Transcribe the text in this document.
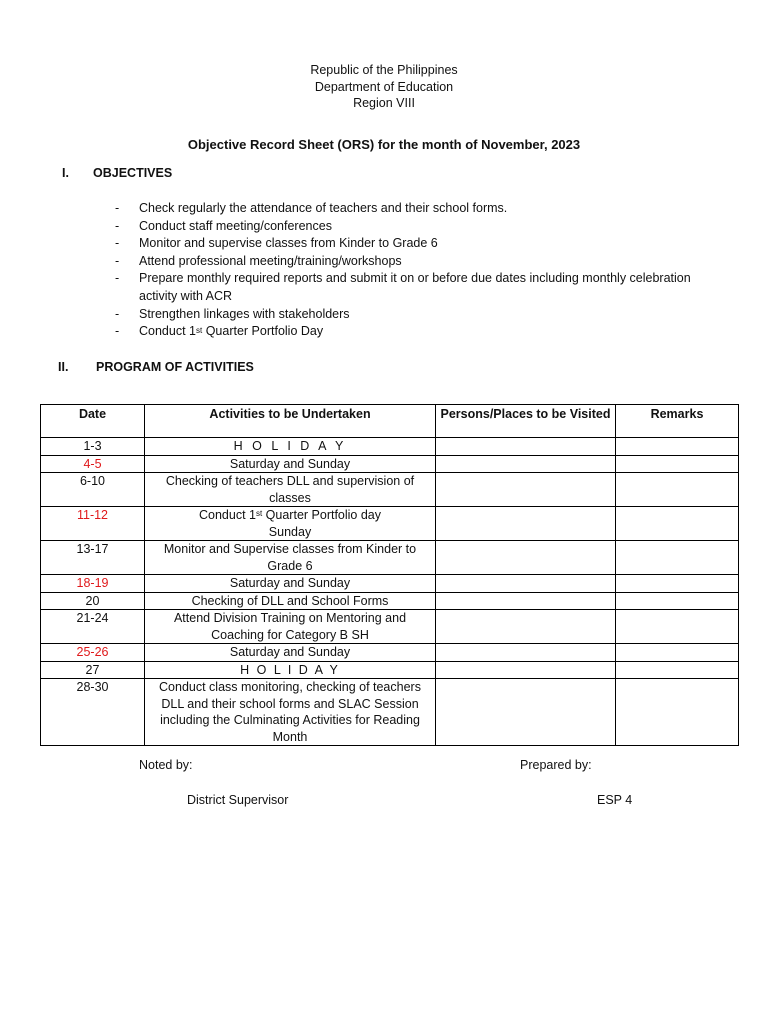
Republic of the Philippines
Department of Education
Region VIII
Objective Record Sheet (ORS) for the month of November, 2023
I. OBJECTIVES
- Check regularly the attendance of teachers and their school forms.
- Conduct staff meeting/conferences
- Monitor and supervise classes from Kinder to Grade 6
- Attend professional meeting/training/workshops
- Prepare monthly required reports and submit it on or before due dates including monthly celebration activity with ACR
- Strengthen linkages with stakeholders
- Conduct 1st Quarter Portfolio Day
II. PROGRAM OF ACTIVITIES
Date	Activities to be Undertaken	Persons/Places to be Visited	Remarks
1-3	H O L I D A Y		
4-5	Saturday and Sunday		
6-10	Checking of teachers DLL and supervision of classes		
11-12	Conduct 1st Quarter Portfolio day
Sunday		

13-17	Monitor and Supervise classes from Kinder to Grade 6		
18-19	Saturday and Sunday		
20	Checking of DLL and School Forms		
21-24	Attend Division Training on Mentoring and Coaching for Category B SH		
25-26	Saturday and Sunday		
27	H O L I D A Y		
28-30	Conduct class monitoring, checking of teachers DLL and their school forms and SLAC Session including the Culminating Activities for Reading Month		
Noted by:	Prepared by:
District Supervisor	ESP 4
